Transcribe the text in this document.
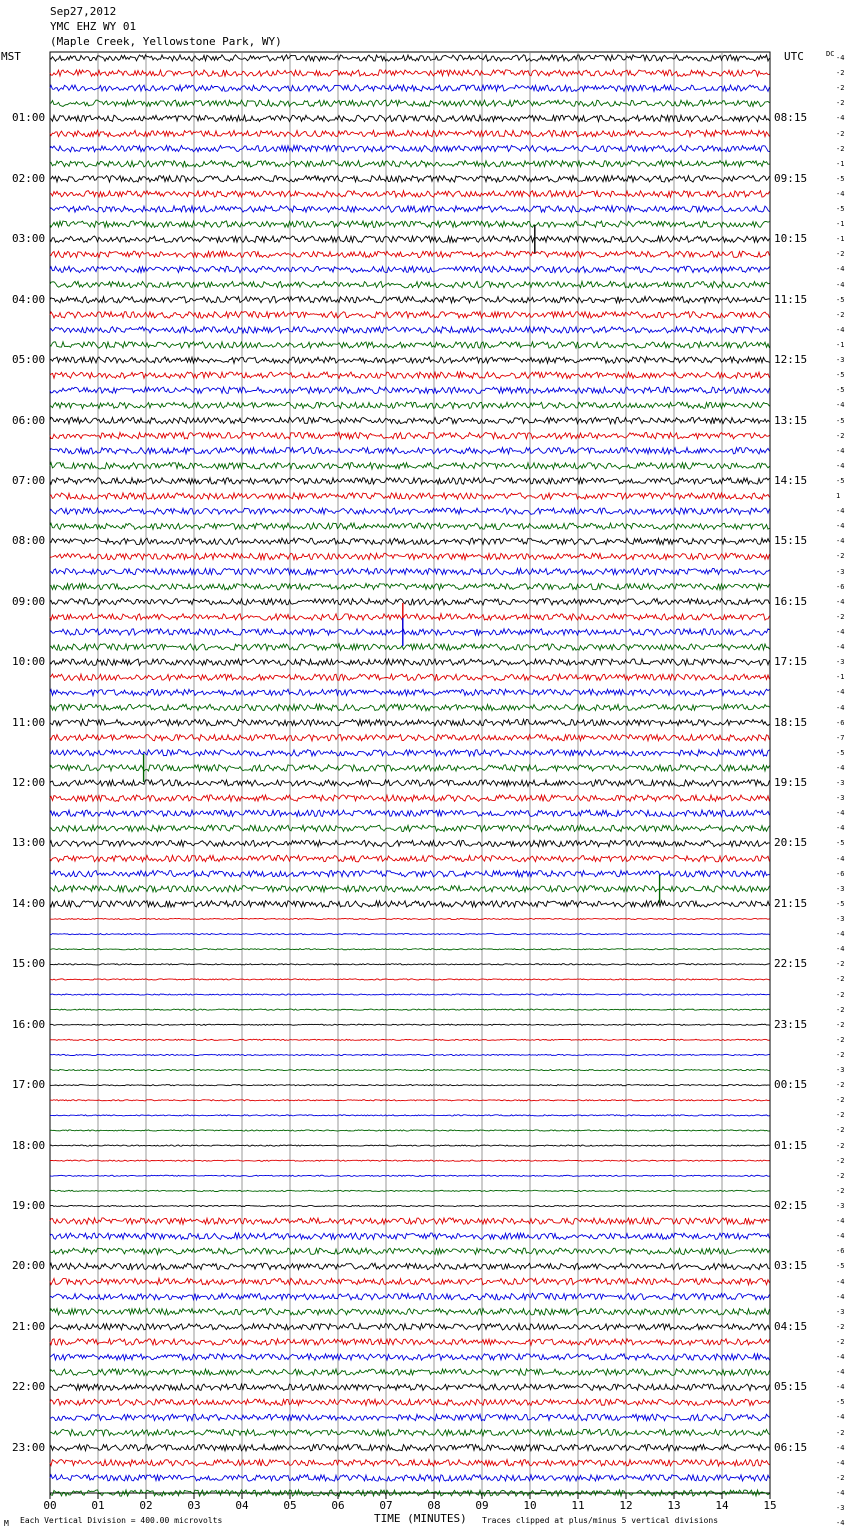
Sep27,2012
YMC EHZ WY 01
(Maple Creek, Yellowstone Park, WY)
MST	UTC	DC
00	01	02	03	04	05	06	07	08	09	10	11	12	13	14	15
01:00	08:15
02:00	09:15
03:00	10:15
04:00	11:15
05:00	12:15
06:00	13:15
07:00	14:15
08:00	15:15
09:00	16:15
10:00	17:15
11:00	18:15
12:00	19:15
13:00	20:15
14:00	21:15
15:00	22:15
16:00	23:15
17:00	00:15
18:00	01:15
19:00	02:15
20:00	03:15
21:00	04:15
22:00	05:15
23:00	06:15
-4
-2
-2
-2
-4
-2
-2
-1
-5
-4
-5
-1
-1
-2
-4
-4
-5
-2
-4
-1
-3
-5
-5
-4
-5
-2
-4
-4
-5
1
-4
-4
-4
-2
-3
-6
-4
-2
-4
-4
-3
-1
-4
-4
-6
-7
-5
-4
-3
-3
-4
-4
-5
-4
-6
-3
-5
-3
-4
-4
-2
-2
-2
-2
-2
-2
-2
-3
-2
-2
-2
-2
-2
-2
-2
-2
-3
-4
-4
-6
-5
-4
-4
-3
-2
-2
-4
-4
-4
-5
-4
-2
-4
-4
-2
-4
-3
-4
M Each Vertical Division = 400.00 microvolts	TIME (MINUTES) Traces clipped at plus/minus 5 vertical divisions
